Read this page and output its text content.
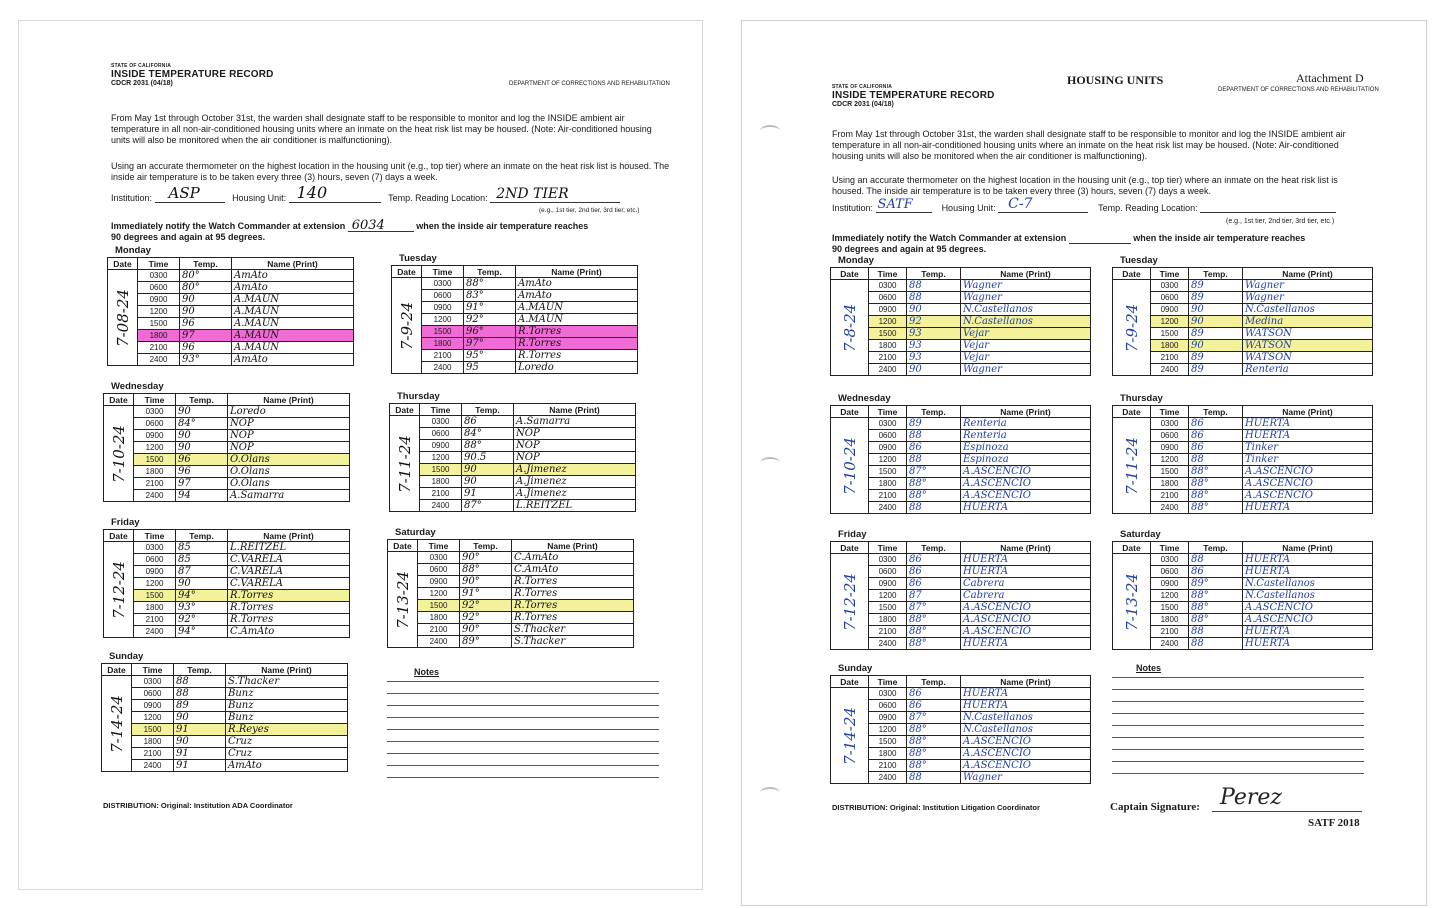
STATE OF CALIFORNIA
INSIDE TEMPERATURE RECORD
CDCR 2031 (04/18)	DEPARTMENT OF CORRECTIONS AND REHABILITATION
From May 1st through October 31st, the warden shall designate staff to be responsible to monitor and log the INSIDE ambient air temperature in all non-air-conditioned housing units where an inmate on the heat risk list may be housed. (Note: Air-conditioned housing units will also be monitored when the air conditioner is malfunctioning).
Using an accurate thermometer on the highest location in the housing unit (e.g., top tier) where an inmate on the heat risk list is housed. The inside air temperature is to be taken every three (3) hours, seven (7) days a week.
Institution: ASP	Housing Unit: 140	Temp. Reading Location: 2ND TIER
(e.g., 1st tier, 2nd tier, 3rd tier, etc.)
Immediately notify the Watch Commander at extension 6034	when the inside air temperature reaches
90 degrees and again at 95 degrees.
Monday
Date	Time	Temp.	Name (Print)

7-08-24	0300	80°	AmAto
	0600	80°	AmAto
	0900	90	A.MAUN
	1200	90	A.MAUN
	1500	96	A.MAUN
	1800	97	A.MAUN
	2100	96	A.MAUN
	2400	93°	AmAto
Tuesday
Date	Time	Temp.	Name (Print)

7-9-24	0300	88°	AmAto
	0600	83°	AmAto
	0900	91°	A.MAUN
	1200	92°	A.MAUN
	1500	96°	R.Torres
	1800	97°	R.Torres
	2100	95°	R.Torres
	2400	95	Loredo
Wednesday
Date	Time	Temp.	Name (Print)

7-10-24	0300	90	Loredo
	0600	84°	NOP
	0900	90	NOP
	1200	90	NOP
	1500	96	O.Olans
	1800	96	O.Olans
	2100	97	O.Olans
	2400	94	A.Samarra
Thursday
Date	Time	Temp.	Name (Print)

7-11-24	0300	86	A.Samarra
	0600	84°	NOP
	0900	88°	NOP
	1200	90.5	NOP
	1500	90	A.Jimenez
	1800	90	A.Jimenez
	2100	91	A.Jimenez
	2400	87°	L.REITZEL
Friday
Date	Time	Temp.	Name (Print)

7-12-24	0300	85	L.REITZEL
	0600	85	C.VARELA
	0900	87	C.VARELA
	1200	90	C.VARELA
	1500	94°	R.Torres
	1800	93°	R.Torres
	2100	92°	R.Torres
	2400	94°	C.AmAto
Saturday
Date	Time	Temp.	Name (Print)

7-13-24	0300	90°	C.AmAto
	0600	88°	C.AmAto
	0900	90°	R.Torres
	1200	91°	R.Torres
	1500	92°	R.Torres
	1800	92°	R.Torres
	2100	90°	S.Thacker
	2400	89°	S.Thacker
Sunday
Date	Time	Temp.	Name (Print)

7-14-24	0300	88	S.Thacker
	0600	88	Bunz
	0900	89	Bunz
	1200	90	Bunz
	1500	91	R.Reyes
	1800	90	Cruz
	2100	91	Cruz
	2400	91	AmAto
Notes
DISTRIBUTION: Original: Institution ADA Coordinator
STATE OF CALIFORNIA
INSIDE TEMPERATURE RECORD
CDCR 2031 (04/18)
HOUSING UNITS	Attachment D
DEPARTMENT OF CORRECTIONS AND REHABILITATION
From May 1st through October 31st, the warden shall designate staff to be responsible to monitor and log the INSIDE ambient air temperature in all non-air-conditioned housing units where an inmate on the heat risk list may be housed. (Note: Air-conditioned housing units will also be monitored when the air conditioner is malfunctioning).
Using an accurate thermometer on the highest location in the housing unit (e.g., top tier) where an inmate on the heat risk list is housed. The inside air temperature is to be taken every three (3) hours, seven (7) days a week.
Institution: SATF	Housing Unit: C-7	Temp. Reading Location:
(e.g., 1st tier, 2nd tier, 3rd tier, etc.)
Immediately notify the Watch Commander at extension	when the inside air temperature reaches
90 degrees and again at 95 degrees.
Monday
Date	Time	Temp.	Name (Print)

7-8-24	0300	88	Wagner
	0600	88	Wagner
	0900	90	N.Castellanos
	1200	92	N.Castellanos
	1500	93	Vejar
	1800	93	Vejar
	2100	93	Vejar
	2400	90	Wagner
Tuesday
Date	Time	Temp.	Name (Print)

7-9-24	0300	89	Wagner
	0600	89	Wagner
	0900	90	N.Castellanos
	1200	90	Medina
	1500	89	WATSON
	1800	90	WATSON
	2100	89	WATSON
	2400	89	Renteria
Wednesday
Date	Time	Temp.	Name (Print)

7-10-24	0300	89	Renteria
	0600	88	Renteria
	0900	86	Espinoza
	1200	88	Espinoza
	1500	87°	A.ASCENCIO
	1800	88°	A.ASCENCIO
	2100	88°	A.ASCENCIO
	2400	88	HUERTA
Thursday
Date	Time	Temp.	Name (Print)

7-11-24	0300	86	HUERTA
	0600	86	HUERTA
	0900	86	Tinker
	1200	88	Tinker
	1500	88°	A.ASCENCIO
	1800	88°	A.ASCENCIO
	2100	88°	A.ASCENCIO
	2400	88°	HUERTA
Friday
Date	Time	Temp.	Name (Print)

7-12-24	0300	86	HUERTA
	0600	86	HUERTA
	0900	86	Cabrera
	1200	87	Cabrera
	1500	87°	A.ASCENCIO
	1800	88°	A.ASCENCIO
	2100	88°	A.ASCENCIO
	2400	88°	HUERTA
Saturday
Date	Time	Temp.	Name (Print)

7-13-24	0300	88	HUERTA
	0600	86	HUERTA
	0900	89°	N.Castellanos
	1200	88°	N.Castellanos
	1500	88°	A.ASCENCIO
	1800	88°	A.ASCENCIO
	2100	88	HUERTA
	2400	88	HUERTA
Sunday
Date	Time	Temp.	Name (Print)

7-14-24	0300	86	HUERTA
	0600	86	HUERTA
	0900	87°	N.Castellanos
	1200	88°	N.Castellanos
	1500	88°	A.ASCENCIO
	1800	88°	A.ASCENCIO
	2100	88°	A.ASCENCIO
	2400	88	Wagner
Notes
DISTRIBUTION: Original: Institution Litigation Coordinator	Captain Signature: Perez
SATF 2018
